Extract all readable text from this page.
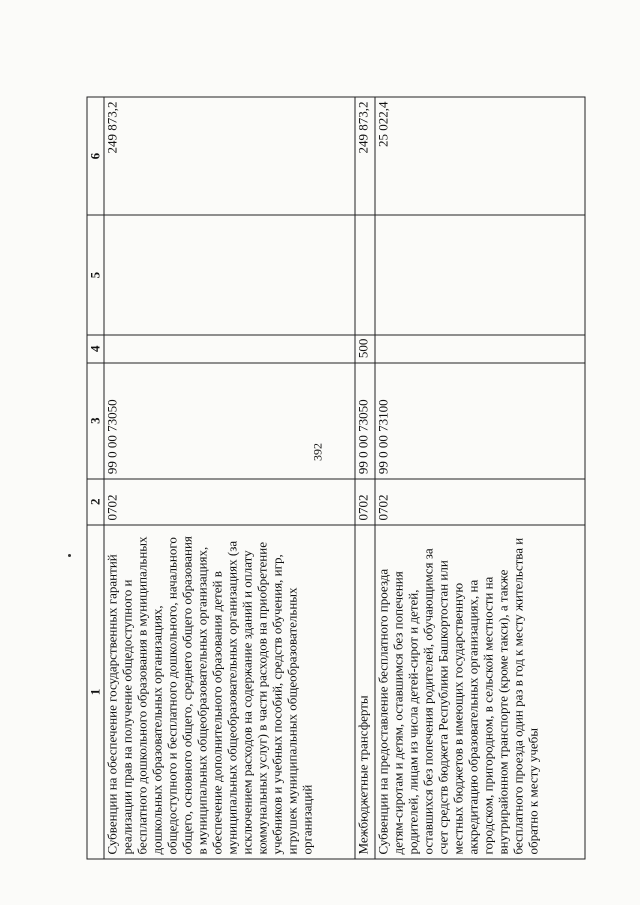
392
1	2	3	4	5	6
Субвенции на обеспечение государственных гарантий реализации прав на получение общедоступного и бесплатного дошкольного образования в муниципальных дошкольных образовательных организациях, общедоступного и бесплатного дошкольного, начального общего, основного общего, среднего общего образования в муниципальных общеобразовательных организациях, обеспечение дополнительного образования детей в муниципальных общеобразовательных организациях (за исключением расходов на содержание зданий и оплату коммунальных услуг) в части расходов на приобретение учебников и учебных пособий, средств обучения, игр, игрушек муниципальных общеобразовательных организаций	0702	99 0 00 73050			249 873,2
Межбюджетные трансферты	0702	99 0 00 73050	500		249 873,2
Субвенции на предоставление бесплатного проезда детям-сиротам и детям, оставшимся без попечения родителей, лицам из числа детей-сирот и детей, оставшихся без попечения родителей, обучающимся за счет средств бюджета Республики Башкортостан или местных бюджетов в имеющих государственную аккредитацию образовательных организациях, на городском, пригородном, в сельской местности на внутрирайонном транспорте (кроме такси), а также бесплатного проезда один раз в год к месту жительства и обратно к месту учебы	0702	99 0 00 73100			25 022,4
